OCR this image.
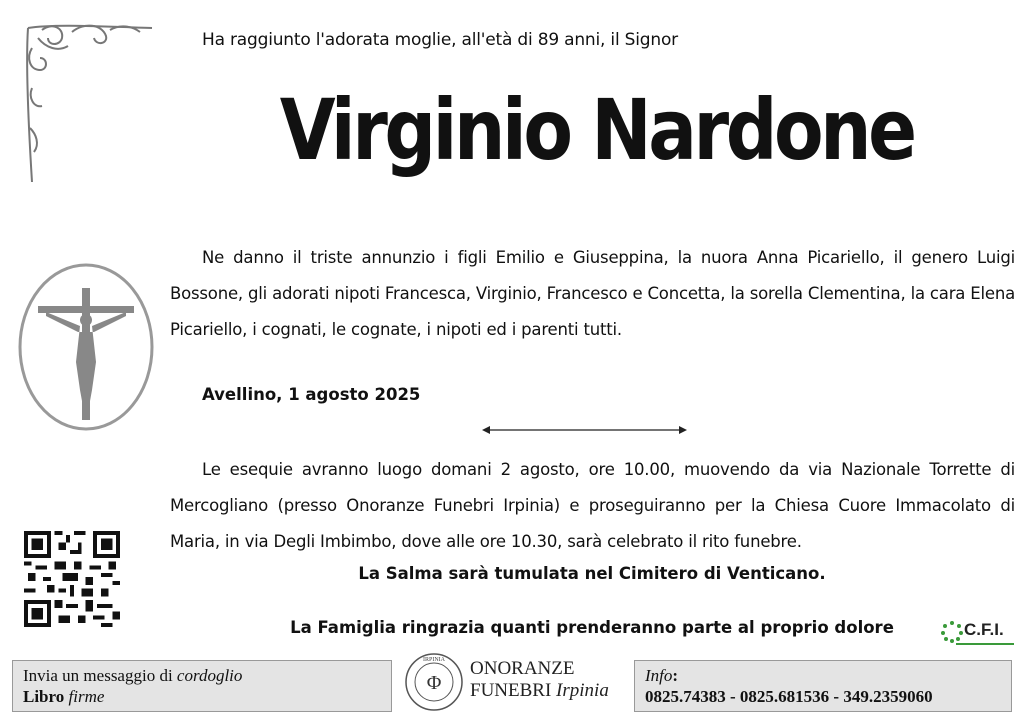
Ha raggiunto l'adorata moglie, all'età di 89 anni, il Signor
Virginio Nardone
Ne danno il triste annunzio i figli Emilio e Giuseppina, la nuora Anna Picariello, il genero Luigi Bossone, gli adorati nipoti Francesca, Virginio, Francesco e Concetta, la sorella Clementina, la cara Elena Picariello, i cognati, le cognate, i nipoti ed i parenti tutti.
Avellino, 1 agosto 2025
Le esequie avranno luogo domani 2 agosto, ore 10.00, muovendo da via Nazionale Torrette di Mercogliano (presso Onoranze Funebri Irpinia) e proseguiranno per la Chiesa Cuore Immacolato di Maria, in via Degli Imbimbo, dove alle ore 10.30, sarà celebrato il rito funebre.
La Salma sarà tumulata nel Cimitero di Venticano.
La Famiglia ringrazia quanti prenderanno parte al proprio dolore	C.F.I.
Invia un messaggio di cordoglio
Libro firme
IRPINIA
Φ
ONORANZE
FUNEBRI Irpinia
Info:
0825.74383 - 0825.681536 - 349.2359060
